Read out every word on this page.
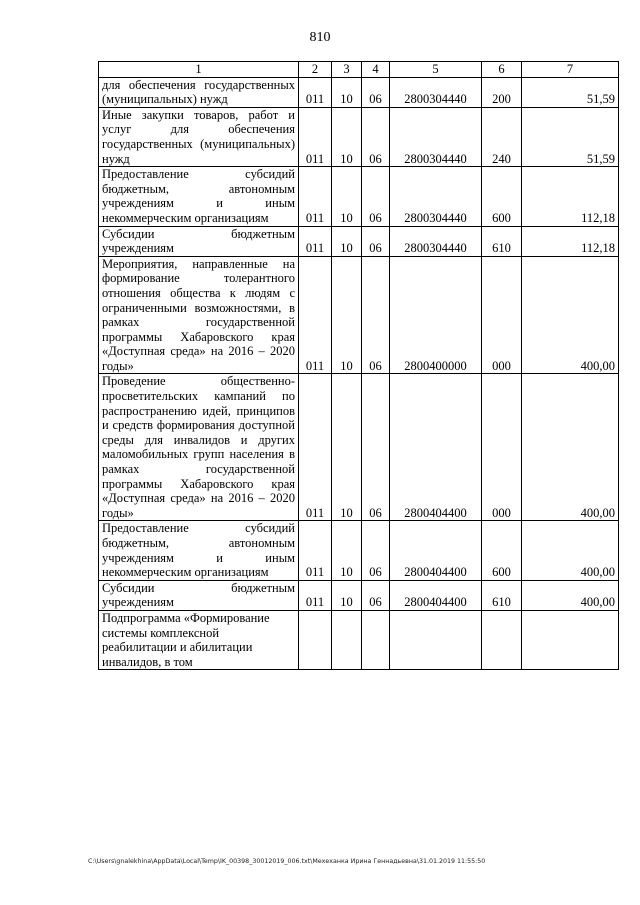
810
1	2	3	4	5	6	7
для обеспечения государственных (муниципальных) нужд	011	10	06	2800304440	200	51,59
Иные закупки товаров, работ и услуг для обеспечения государственных (муниципальных) нужд	011	10	06	2800304440	240	51,59
Предоставление субсидий бюджетным, автономным учреждениям и иным некоммерческим организациям	011	10	06	2800304440	600	112,18
Субсидии бюджетным учреждениям	011	10	06	2800304440	610	112,18
Мероприятия, направленные на формирование толерантного отношения общества к людям с ограниченными возможностями, в рамках государственной программы Хабаровского края «Доступная среда» на 2016 – 2020 годы»	011	10	06	2800400000	000	400,00
Проведение общественно-просветительских кампаний по распространению идей, принципов и средств формирования доступной среды для инвалидов и других маломобильных групп населения в рамках государственной программы Хабаровского края «Доступная среда» на 2016 – 2020 годы»	011	10	06	2800404400	000	400,00
Предоставление субсидий бюджетным, автономным учреждениям и иным некоммерческим организациям	011	10	06	2800404400	600	400,00
Субсидии бюджетным учреждениям	011	10	06	2800404400	610	400,00
Подпрограмма «Формирование системы комплексной реабилитации и абилитации инвалидов, в том						
C:\Users\gnalekhina\AppData\Local\Temp\IK_00398_30012019_006.txt\Мехеханка Ирина Геннадьевна\31.01.2019 11:55:50
